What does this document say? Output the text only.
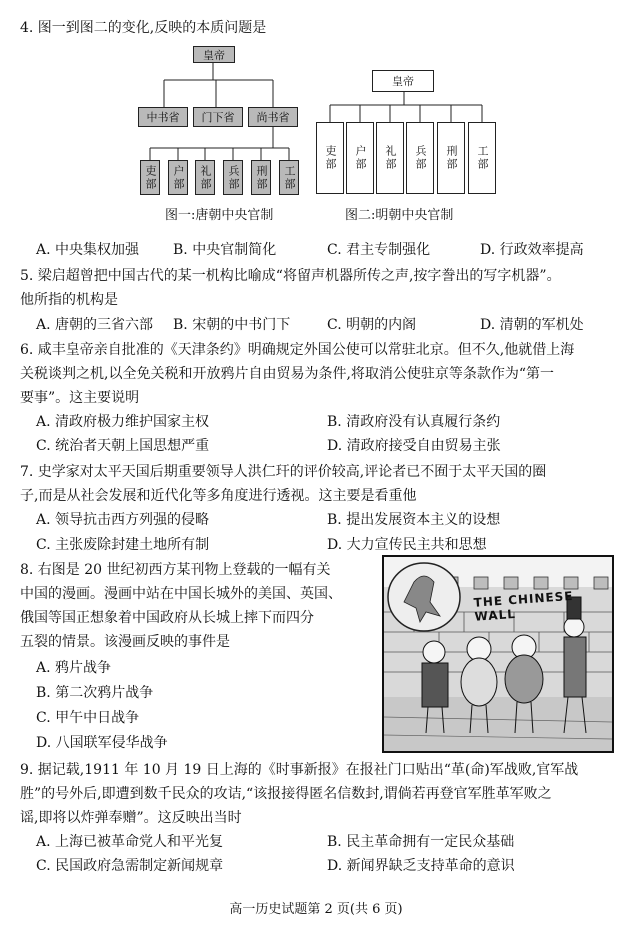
4. 图一到图二的变化,反映的本质问题是
皇帝
中书省	门下省	尚书省
吏部	户部	礼部	兵部	刑部	工部
图一:唐朝中央官制
皇帝
吏部	户部	礼部	兵部	刑部	工部
图二:明朝中央官制
A. 中央集权加强 B. 中央官制简化	C. 君主专制强化	D. 行政效率提高
5. 梁启超曾把中国古代的某一机构比喻成“将留声机器所传之声,按字誊出的写字机器”。
他所指的机构是
A. 唐朝的三省六部 B. 宋朝的中书门下	C. 明朝的内阁	D. 清朝的军机处
6. 咸丰皇帝亲自批准的《天津条约》明确规定外国公使可以常驻北京。但不久,他就借上海
关税谈判之机,以全免关税和开放鸦片自由贸易为条件,将取消公使驻京等条款作为“第一
要事”。这主要说明
A. 清政府极力维护国家主权	B. 清政府没有认真履行条约
C. 统治者天朝上国思想严重	D. 清政府接受自由贸易主张
7. 史学家对太平天国后期重要领导人洪仁玕的评价较高,评论者已不囿于太平天国的圈
子,而是从社会发展和近代化等多角度进行透视。这主要是看重他
A. 领导抗击西方列强的侵略	B. 提出发展资本主义的设想
C. 主张废除封建土地所有制	D. 大力宣传民主共和思想
8. 右图是 20 世纪初西方某刊物上登载的一幅有关
中国的漫画。漫画中站在中国长城外的美国、英国、
俄国等国正想象着中国政府从长城上摔下而四分
五裂的情景。该漫画反映的事件是
A. 鸦片战争
B. 第二次鸦片战争
C. 甲午中日战争
D. 八国联军侵华战争
THE CHINESE WALL
9. 据记载,1911 年 10 月 19 日上海的《时事新报》在报社门口贴出“革(命)军战败,官军战
胜”的号外后,即遭到数千民众的攻诘,“该报接得匿名信数封,谓倘若再登官军胜革军败之
谣,即将以炸弹奉赠”。这反映出当时
A. 上海已被革命党人和平光复	B. 民主革命拥有一定民众基础
C. 民国政府急需制定新闻规章	D. 新闻界缺乏支持革命的意识
高一历史试题第 2 页(共 6 页)
